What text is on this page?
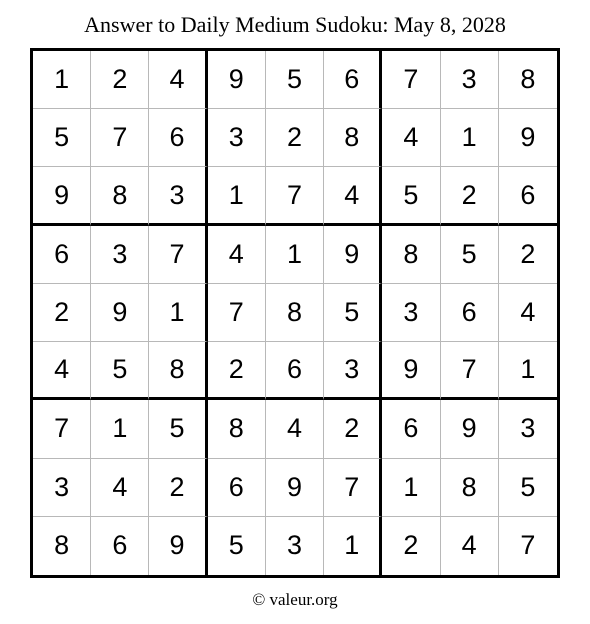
Answer to Daily Medium Sudoku: May 8, 2028
1	2	4	9	5	6	7	3	8
5	7	6	3	2	8	4	1	9
9	8	3	1	7	4	5	2	6
6	3	7	4	1	9	8	5	2
2	9	1	7	8	5	3	6	4
4	5	8	2	6	3	9	7	1
7	1	5	8	4	2	6	9	3
3	4	2	6	9	7	1	8	5
8	6	9	5	3	1	2	4	7
© valeur.org
